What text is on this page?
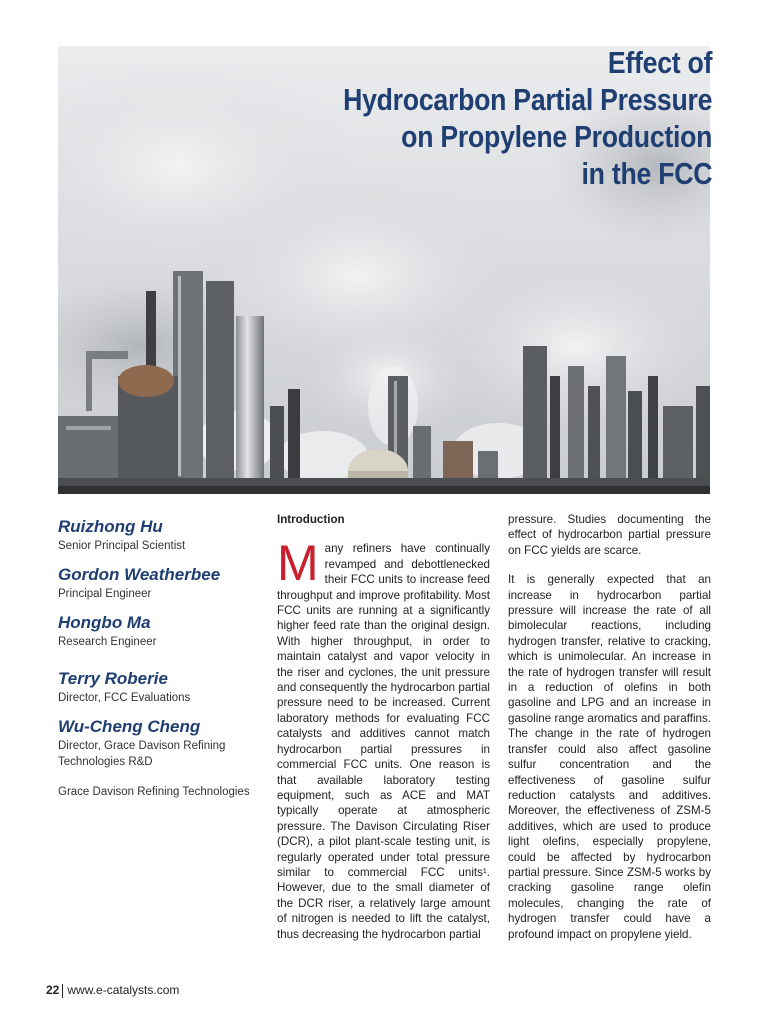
Effect of
Hydrocarbon Partial Pressure
on Propylene Production
in the FCC
Ruizhong Hu
Senior Principal Scientist
Gordon Weatherbee
Principal Engineer
Hongbo Ma
Research Engineer
Terry Roberie
Director, FCC Evaluations
Wu-Cheng Cheng
Director, Grace Davison Refining Technologies R&D
Grace Davison Refining Technologies
Introduction
Many refiners have continually revamped and debottlenecked their FCC units to increase feed throughput and improve profitability. Most FCC units are running at a significantly higher feed rate than the original design. With higher throughput, in order to maintain catalyst and vapor velocity in the riser and cyclones, the unit pressure and consequently the hydrocarbon partial pressure need to be increased. Current laboratory methods for evaluating FCC catalysts and additives cannot match hydrocarbon partial pressures in commercial FCC units. One reason is that available laboratory testing equipment, such as ACE and MAT typically operate at atmospheric pressure. The Davison Circulating Riser (DCR), a pilot plant-scale testing unit, is regularly operated under total pressure similar to commercial FCC units¹. However, due to the small diameter of the DCR riser, a relatively large amount of nitrogen is needed to lift the catalyst, thus decreasing the hydrocarbon partial

pressure. Studies documenting the effect of hydrocarbon partial pressure on FCC yields are scarce.

It is generally expected that an increase in hydrocarbon partial pressure will increase the rate of all bimolecular reactions, including hydrogen transfer, relative to cracking, which is unimolecular. An increase in the rate of hydrogen transfer will result in a reduction of olefins in both gasoline and LPG and an increase in gasoline range aromatics and paraffins. The change in the rate of hydrogen transfer could also affect gasoline sulfur concentration and the effectiveness of gasoline sulfur reduction catalysts and additives. Moreover, the effectiveness of ZSM-5 additives, which are used to produce light olefins, especially propylene, could be affected by hydrocarbon partial pressure. Since ZSM-5 works by cracking gasoline range olefin molecules, changing the rate of hydrogen transfer could have a profound impact on propylene yield.

22 www.e-catalysts.com
